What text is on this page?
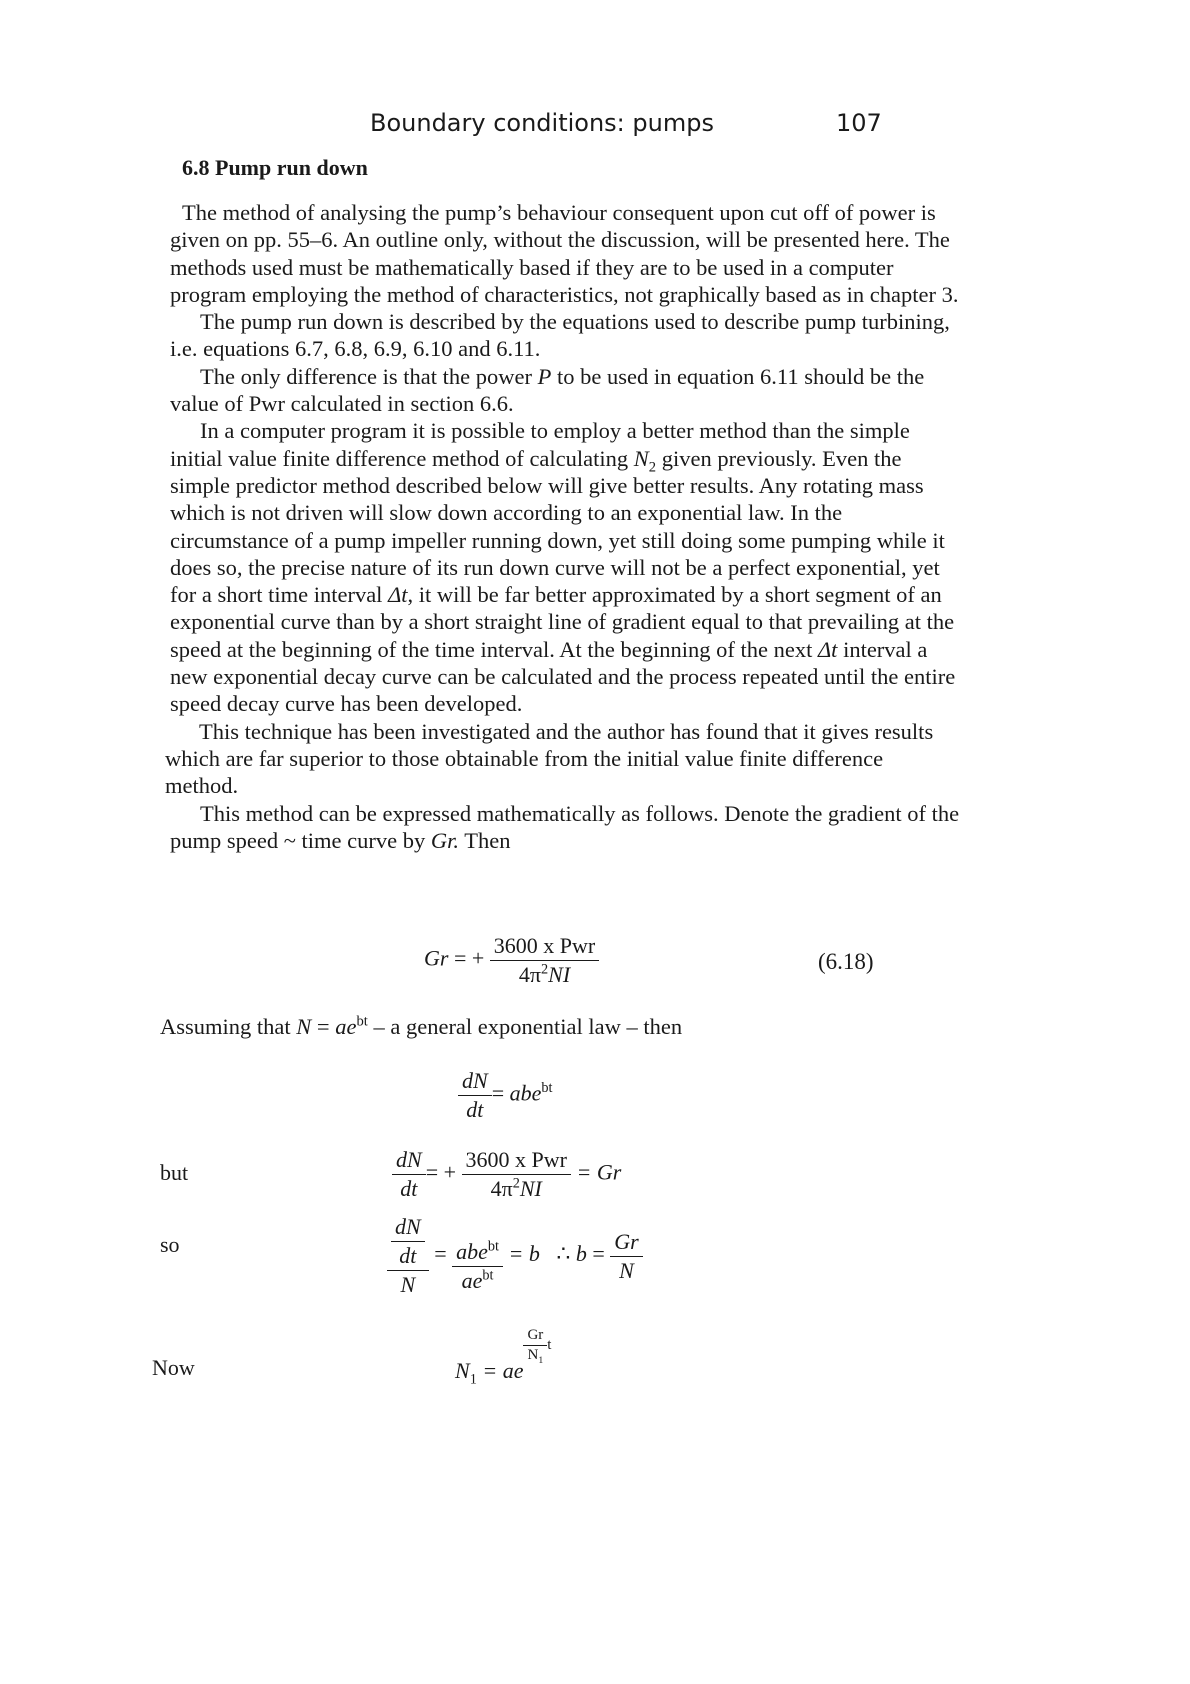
Boundary conditions: pumps	107
6.8 Pump run down

The method of analysing the pump’s behaviour consequent upon cut off of power is given on pp. 55–6. An outline only, without the discussion, will be presented here. The methods used must be mathematically based if they are to be used in a computer program employing the method of characteristics, not graphically based as in chapter 3.

The pump run down is described by the equations used to describe pump turbining, i.e. equations 6.7, 6.8, 6.9, 6.10 and 6.11.

The only difference is that the power P to be used in equation 6.11 should be the value of Pwr calculated in section 6.6.

In a computer program it is possible to employ a better method than the simple initial value finite difference method of calculating $N_2$ given previously. Even the simple predictor method described below will give better results. Any rotating mass which is not driven will slow down according to an exponential law. In the circumstance of a pump impeller running down, yet still doing some pumping while it does so, the precise nature of its run down curve will not be a perfect exponential, yet for a short time interval Δt, it will be far better approximated by a short segment of an exponential curve than by a short straight line of gradient equal to that prevailing at the speed at the beginning of the time interval. At the beginning of the next Δt interval a new exponential decay curve can be calculated and the process repeated until the entire speed decay curve has been developed.

This technique has been investigated and the author has found that it gives results which are far superior to those obtainable from the initial value finite difference method.

This method can be expressed mathematically as follows. Denote the gradient of the pump speed ~ time curve by Gr. Then

Gr = + $\frac{\text{3600 x Pwr}}{4\pi^2NI}$	(6.18)
Assuming that $N = ae^{bt} - a$ general exponential law – then
$\frac{dN}{dt} = abe^{bt}$
but	$\frac{dN}{dt}$ = + $\frac{\text{3600 x Pwr}}{4\pi^2NI} = Gr$
so	$\frac{\frac{dN}{dt}}{N} = \frac{abe^{bt}}{ae^{bt}} = b$ ∴ $b = \frac{Gr}{N}$
Now	$N_1$ = ae
$\frac{Gr}{N_1}$ t
